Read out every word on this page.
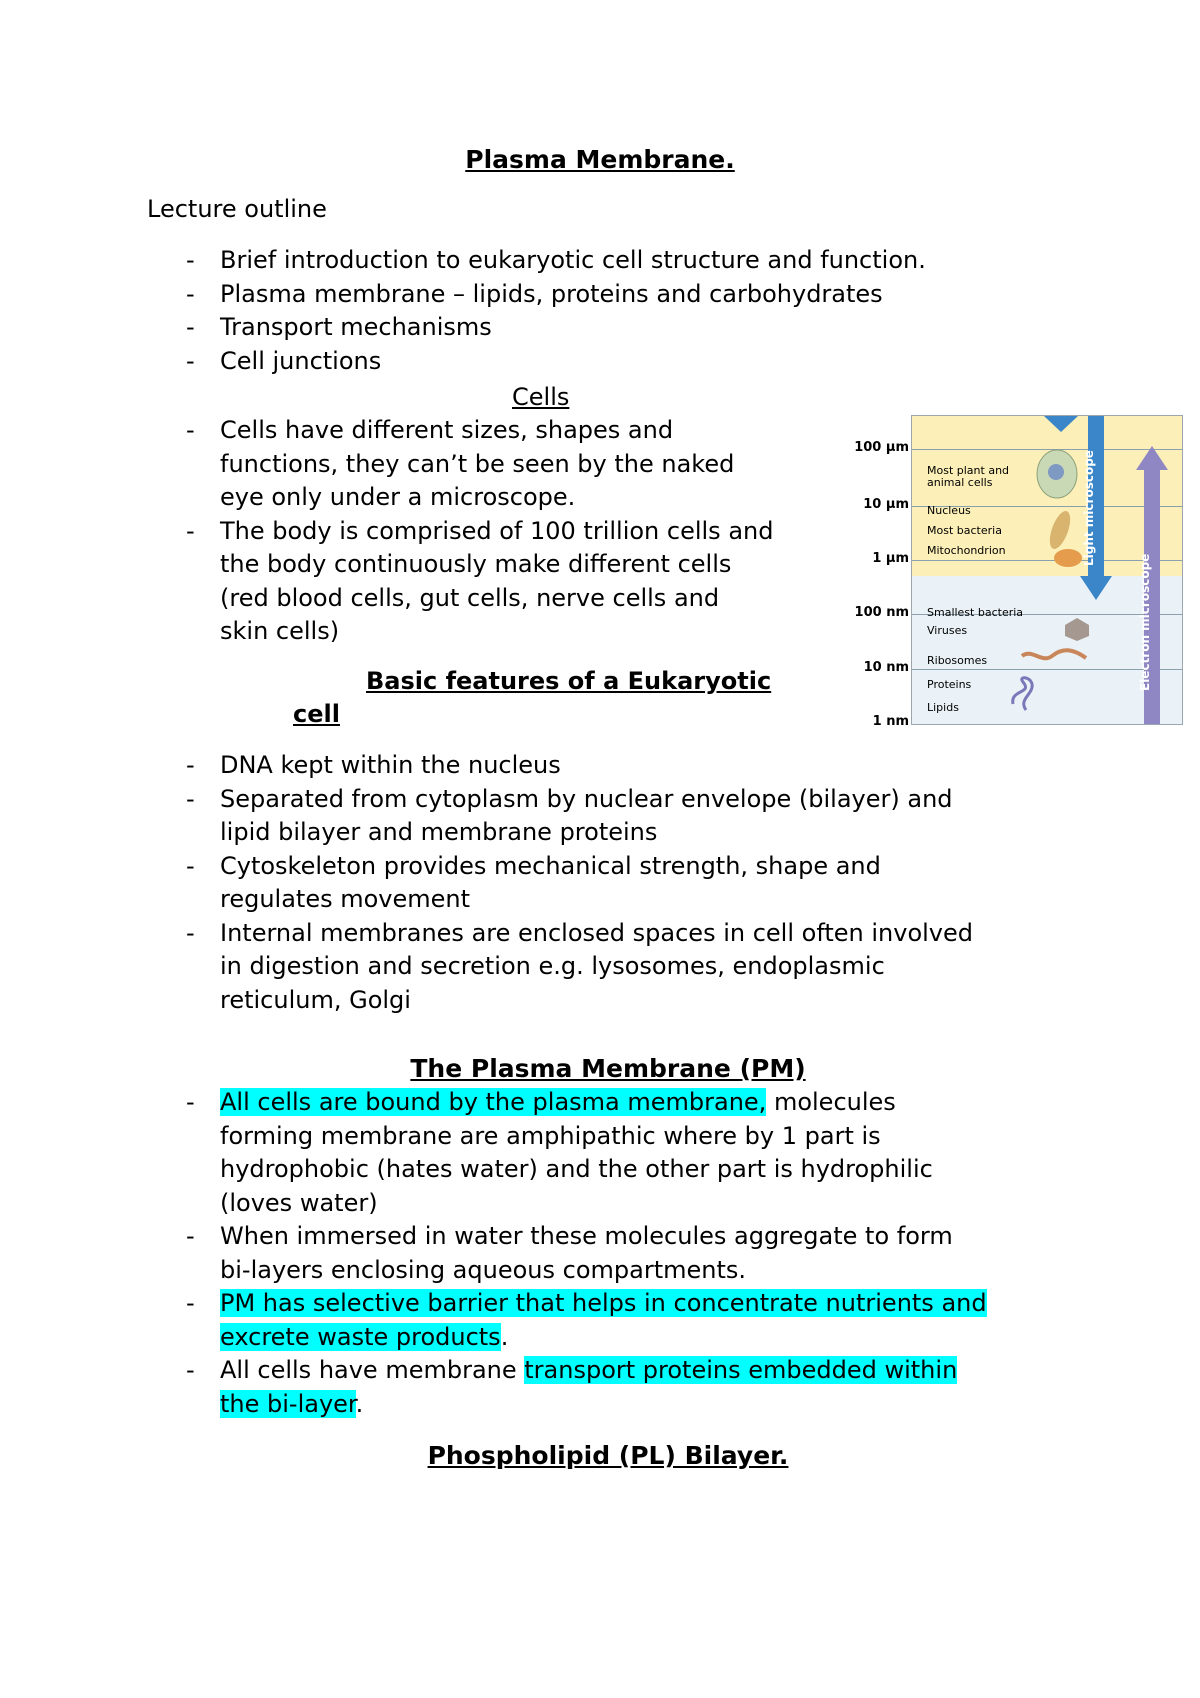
Plasma Membrane.
Lecture outline
- Brief introduction to eukaryotic cell structure and function.
- Plasma membrane – lipids, proteins and carbohydrates
- Transport mechanisms
- Cell junctions
Cells
- Cells have different sizes, shapes and
functions, they can’t be seen by the naked
eye only under a microscope.
- The body is comprised of 100 trillion cells and
the body continuously make different cells
(red blood cells, gut cells, nerve cells and
skin cells)
Basic features of a Eukaryotic
cell
- DNA kept within the nucleus
- Separated from cytoplasm by nuclear envelope (bilayer) and
lipid bilayer and membrane proteins
- Cytoskeleton provides mechanical strength, shape and
regulates movement
- Internal membranes are enclosed spaces in cell often involved
in digestion and secretion e.g. lysosomes, endoplasmic
reticulum, Golgi
The Plasma Membrane (PM)
- All cells are bound by the plasma membrane, molecules
forming membrane are amphipathic where by 1 part is
hydrophobic (hates water) and the other part is hydrophilic
(loves water)
- When immersed in water these molecules aggregate to form
bi-layers enclosing aqueous compartments.
- PM has selective barrier that helps in concentrate nutrients and
excrete waste products.
- All cells have membrane transport proteins embedded within
the bi-layer.
Phospholipid (PL) Bilayer.
Light microscope
Electron microscope
100 µm
10 µm
1 µm
100 nm
10 nm
1 nm
Most plant and
animal cells
Nucleus
Most bacteria
Mitochondrion
Smallest bacteria
Viruses
Ribosomes
Proteins
Lipids
